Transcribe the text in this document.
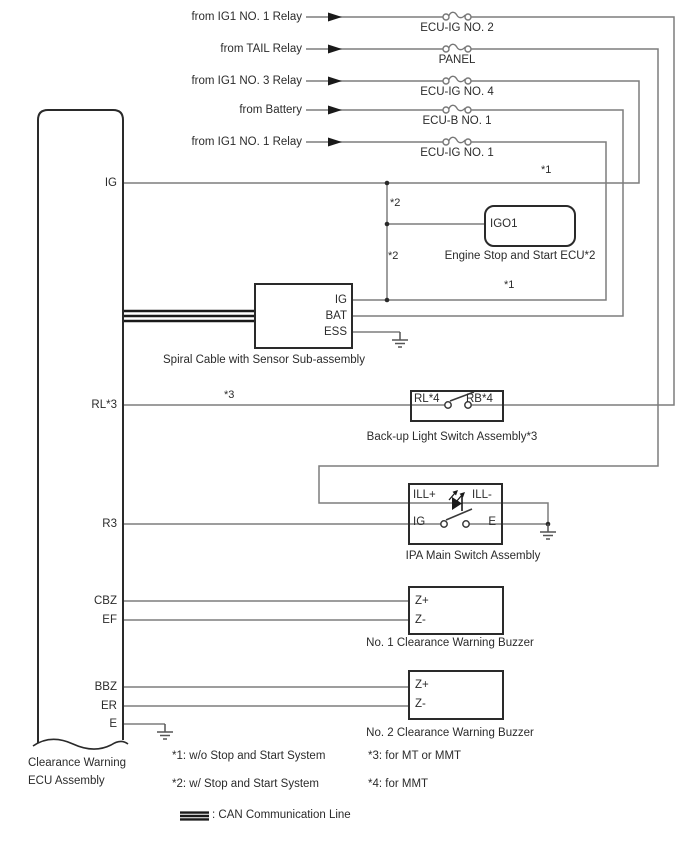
from IG1 NO. 1 Relay
from TAIL Relay
from IG1 NO. 3 Relay
from Battery
from IG1 NO. 1 Relay
ECU-IG NO. 2
PANEL
ECU-IG NO. 4
ECU-B NO. 1
ECU-IG NO. 1
IG
RL*3
R3
CBZ
EF
BBZ
ER
E
Clearance Warning
ECU Assembly
IGO1
Engine Stop and Start ECU*2
IG
BAT
ESS
Spiral Cable with Sensor Sub-assembly
RL*4 RB*4
Back-up Light Switch Assembly*3
ILL+	ILL-
IG	E
IPA Main Switch Assembly
Z+
Z-
No. 1 Clearance Warning Buzzer
Z+
Z-
No. 2 Clearance Warning Buzzer
*1
*2
*2
*1
*3
*1: w/o Stop and Start System	*3: for MT or MMT
*2: w/ Stop and Start System	*4: for MMT
: CAN Communication Line
